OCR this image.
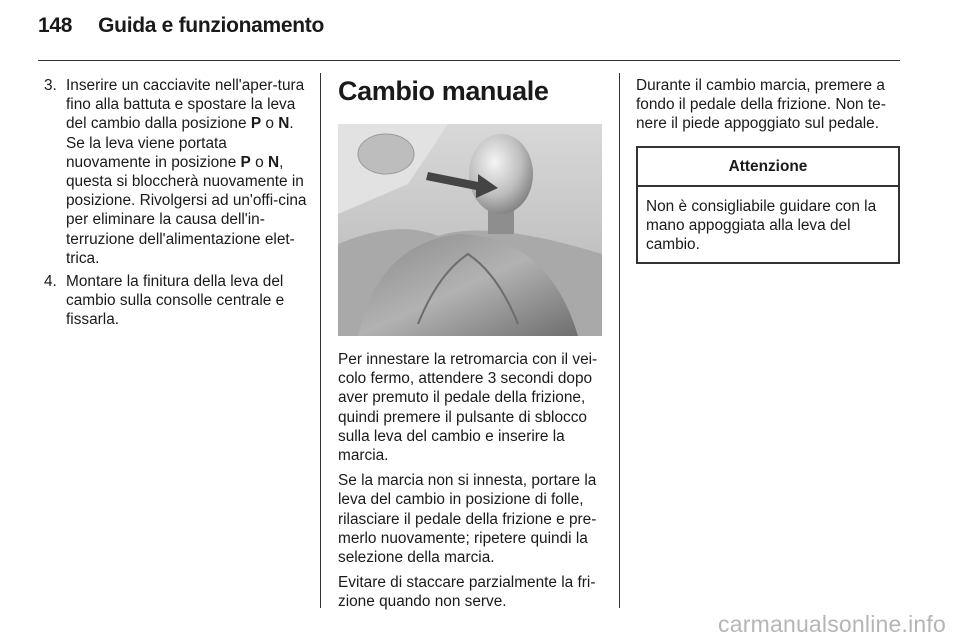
148 Guida e funzionamento
3. Inserire un cacciavite nell'aper-tura fino alla battuta e spostare la leva del cambio dalla posizione P o N. Se la leva viene portata nuovamente in posizione P o N, questa si bloccherà nuovamente in posizione. Rivolgersi ad un'offi-cina per eliminare la causa dell'in-terruzione dell'alimentazione elet-trica.
4. Montare la finitura della leva del cambio sulla consolle centrale e fissarla.
Cambio manuale

Per innestare la retromarcia con il vei-colo fermo, attendere 3 secondi dopo aver premuto il pedale della frizione, quindi premere il pulsante di sblocco sulla leva del cambio e inserire la marcia.

Se la marcia non si innesta, portare la leva del cambio in posizione di folle, rilasciare il pedale della frizione e pre-merlo nuovamente; ripetere quindi la selezione della marcia.

Evitare di staccare parzialmente la fri-zione quando non serve.

Durante il cambio marcia, premere a fondo il pedale della frizione. Non te-nere il piede appoggiato sul pedale.

Attenzione
Non è consigliabile guidare con la mano appoggiata alla leva del cambio.
carmanualsonline.info
